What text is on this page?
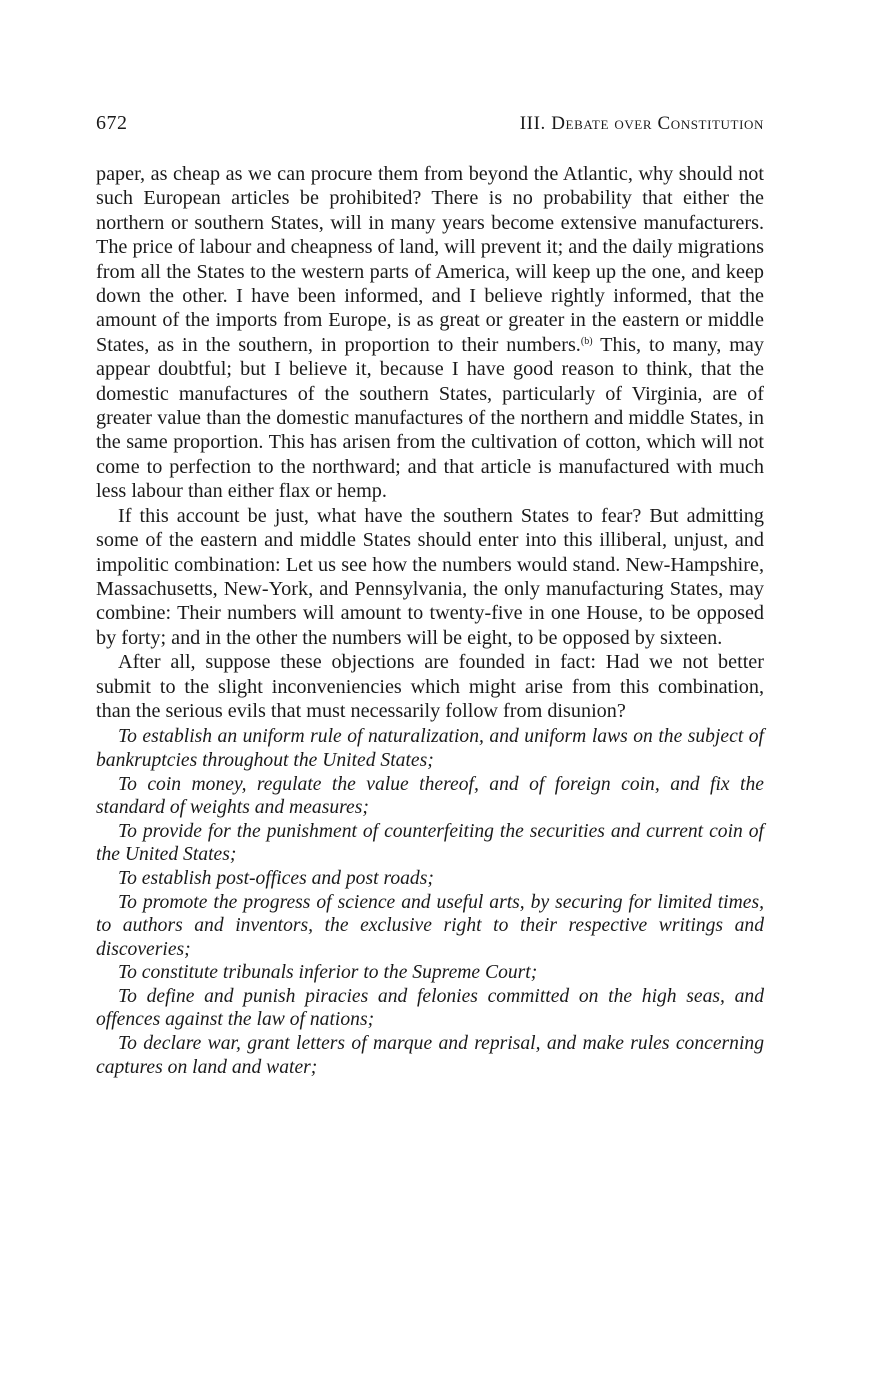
672	III. Debate over Constitution

paper, as cheap as we can procure them from beyond the Atlantic, why should not such European articles be prohibited? There is no probability that either the northern or southern States, will in many years become extensive manufacturers. The price of labour and cheapness of land, will prevent it; and the daily migrations from all the States to the western parts of America, will keep up the one, and keep down the other. I have been informed, and I believe rightly informed, that the amount of the imports from Europe, is as great or greater in the eastern or middle States, as in the southern, in proportion to their numbers.$^{(b)}$ This, to many, may appear doubtful; but I believe it, because I have good reason to think, that the domestic manufactures of the southern States, particularly of Virginia, are of greater value than the domestic manufactures of the northern and middle States, in the same proportion. This has arisen from the cultivation of cotton, which will not come to perfection to the northward; and that article is manufactured with much less labour than either flax or hemp.

If this account be just, what have the southern States to fear? But admitting some of the eastern and middle States should enter into this illiberal, unjust, and impolitic combination: Let us see how the numbers would stand. New-Hampshire, Massachusetts, New-York, and Pennsylvania, the only manufacturing States, may combine: Their numbers will amount to twenty-five in one House, to be opposed by forty; and in the other the numbers will be eight, to be opposed by sixteen.

After all, suppose these objections are founded in fact: Had we not better submit to the slight inconveniencies which might arise from this combination, than the serious evils that must necessarily follow from disunion?

To establish an uniform rule of naturalization, and uniform laws on the subject of bankruptcies throughout the United States;

To coin money, regulate the value thereof, and of foreign coin, and fix the standard of weights and measures;

To provide for the punishment of counterfeiting the securities and current coin of the United States;

To establish post-offices and post roads;

To promote the progress of science and useful arts, by securing for limited times, to authors and inventors, the exclusive right to their respective writings and discoveries;

To constitute tribunals inferior to the Supreme Court;

To define and punish piracies and felonies committed on the high seas, and offences against the law of nations;

To declare war, grant letters of marque and reprisal, and make rules concerning captures on land and water;
